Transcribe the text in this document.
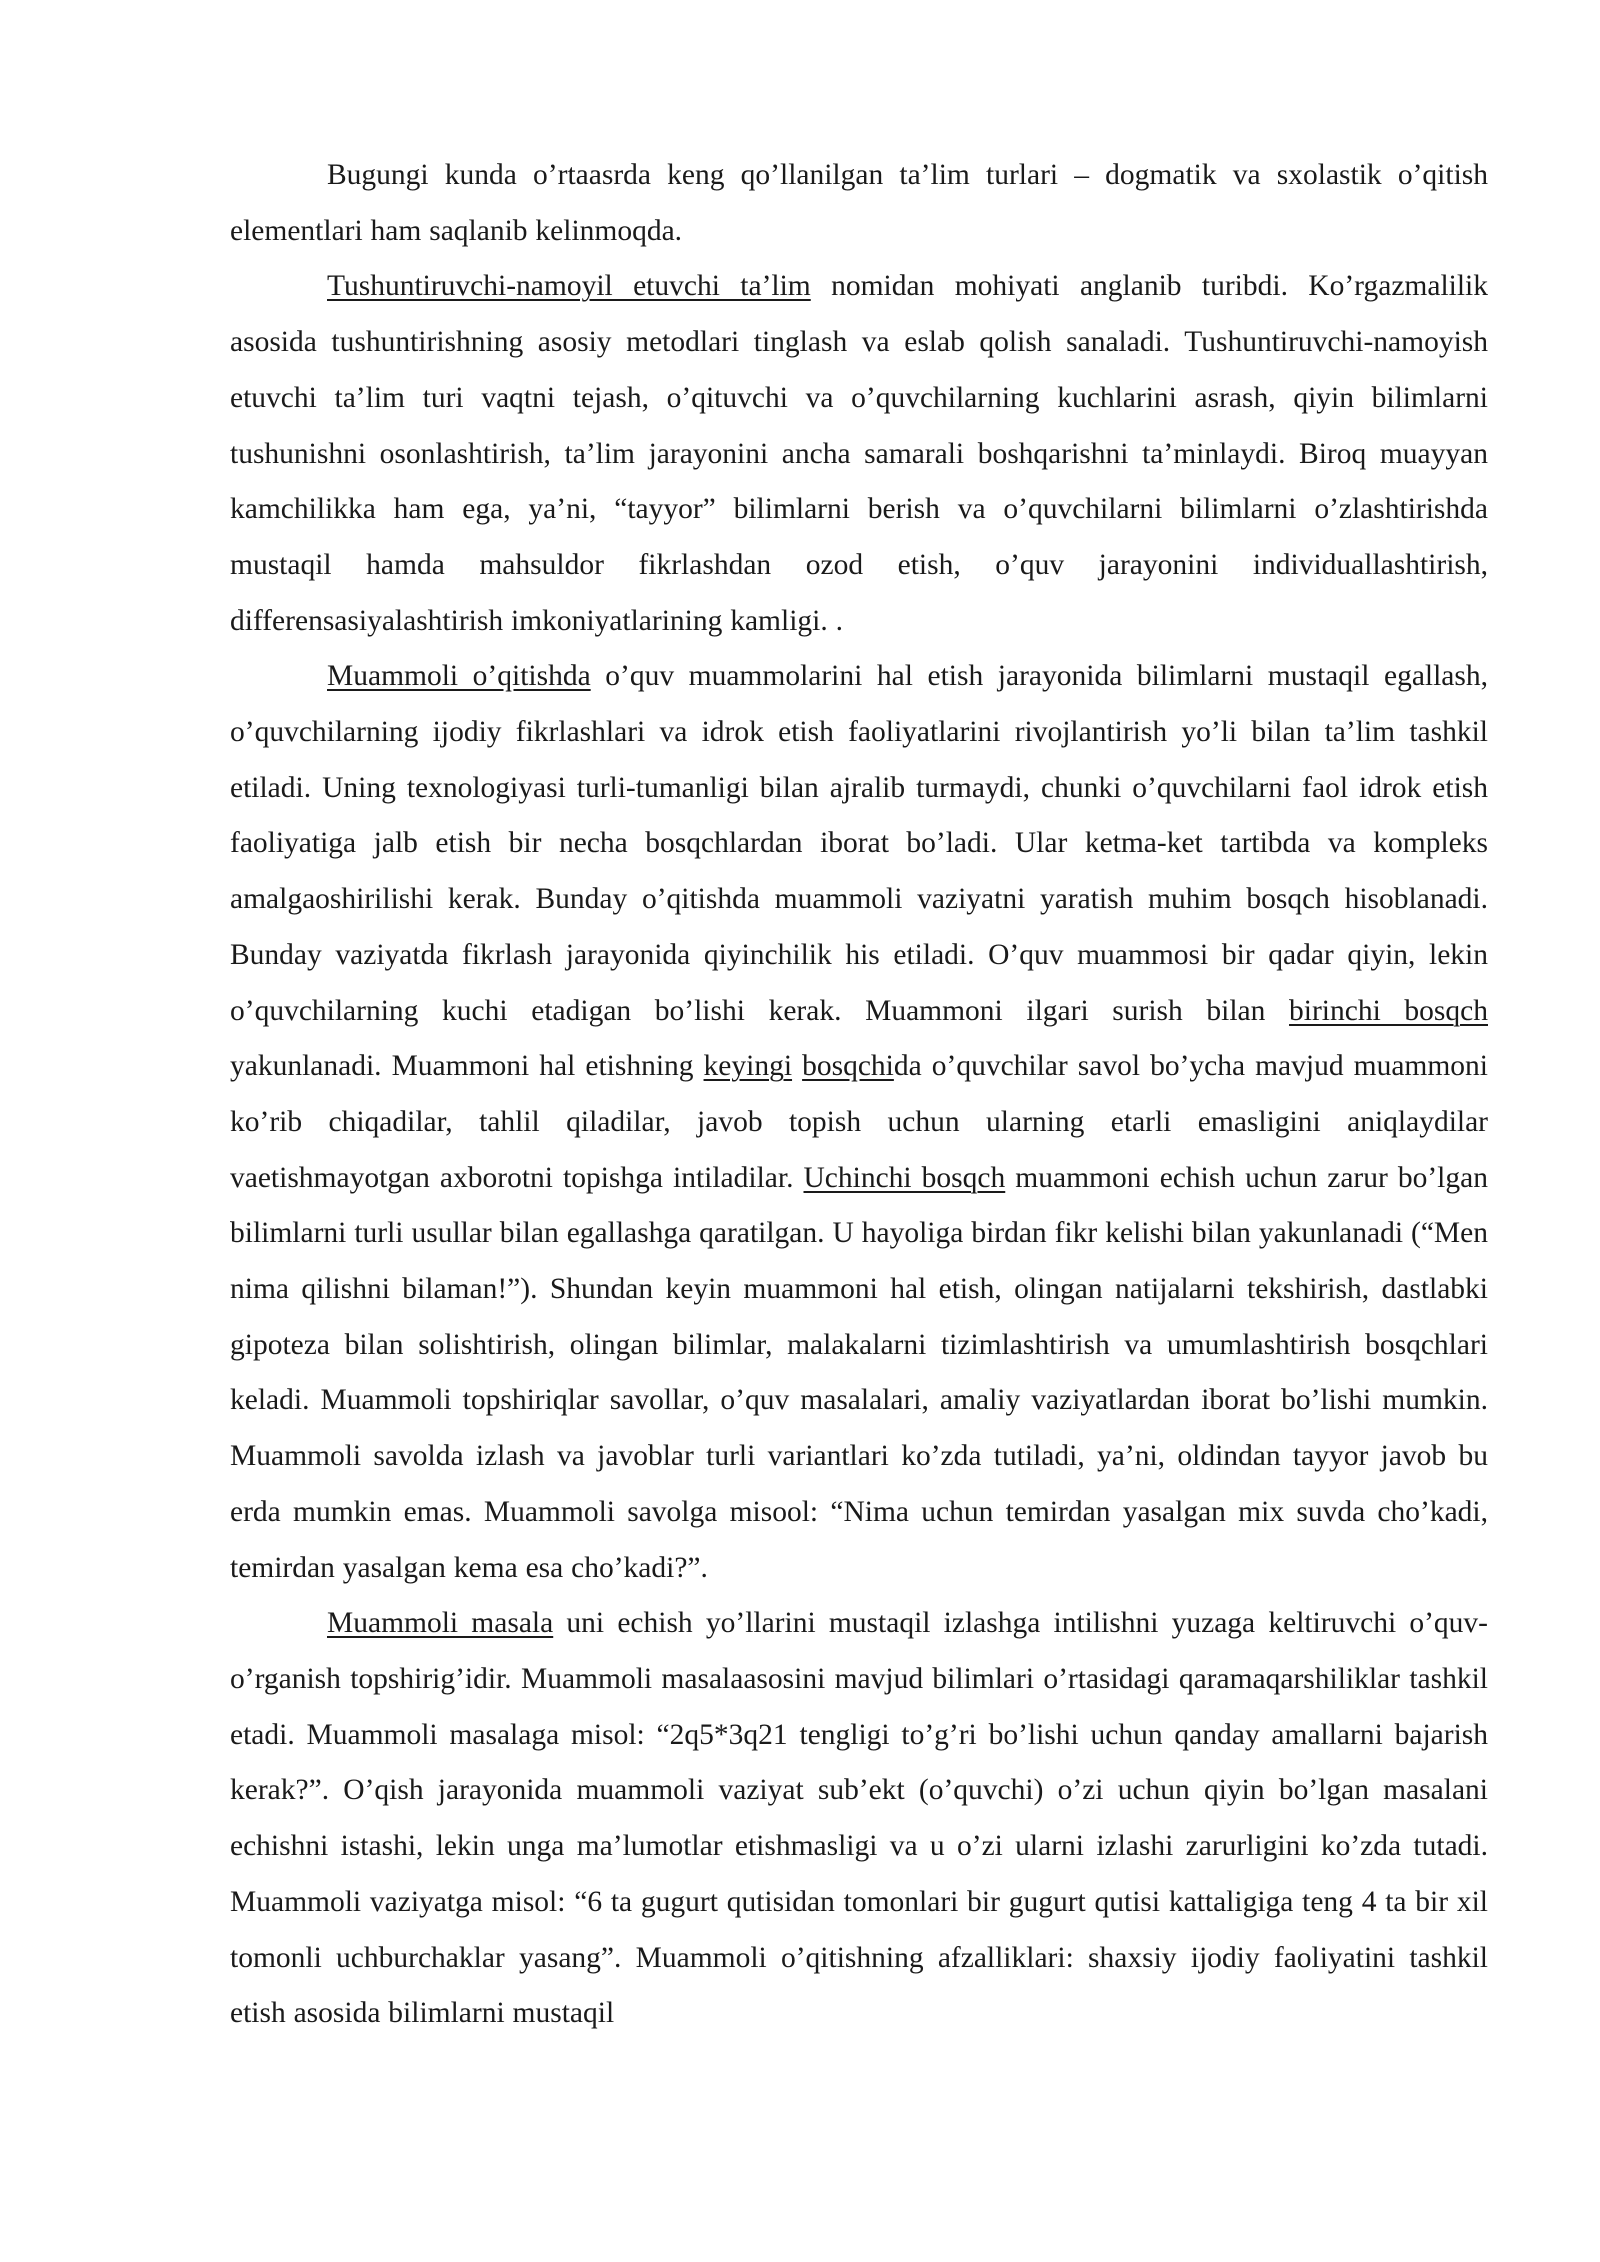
Bugungi kunda o’rtaasrda keng qo’llanilgan ta’lim turlari – dogmatik va sxolastik o’qitish elementlari ham saqlanib kelinmoqda.

Tushuntiruvchi-namoyil etuvchi ta’lim nomidan mohiyati anglanib turibdi. Ko’rgazmalilik asosida tushuntirishning asosiy metodlari tinglash va eslab qolish sanaladi. Tushuntiruvchi-namoyish etuvchi ta’lim turi vaqtni tejash, o’qituvchi va o’quvchilarning kuchlarini asrash, qiyin bilimlarni tushunishni osonlashtirish, ta’lim jarayonini ancha samarali boshqarishni ta’minlaydi. Biroq muayyan kamchilikka ham ega, ya’ni, “tayyor” bilimlarni berish va o’quvchilarni bilimlarni o’zlashtirishda mustaqil hamda mahsuldor fikrlashdan ozod etish, o’quv jarayonini individuallashtirish, differensasiyalashtirish imkoniyatlarining kamligi. .

Muammoli o’qitishda o’quv muammolarini hal etish jarayonida bilimlarni mustaqil egallash, o’quvchilarning ijodiy fikrlashlari va idrok etish faoliyatlarini rivojlantirish yo’li bilan ta’lim tashkil etiladi. Uning texnologiyasi turli-tumanligi bilan ajralib turmaydi, chunki o’quvchilarni faol idrok etish faoliyatiga jalb etish bir necha bosqchlardan iborat bo’ladi. Ular ketma-ket tartibda va kompleks amalgaoshirilishi kerak. Bunday o’qitishda muammoli vaziyatni yaratish muhim bosqch hisoblanadi. Bunday vaziyatda fikrlash jarayonida qiyinchilik his etiladi. O’quv muammosi bir qadar qiyin, lekin o’quvchilarning kuchi etadigan bo’lishi kerak. Muammoni ilgari surish bilan birinchi bosqch yakunlanadi. Muammoni hal etishning keyingi bosqchida o’quvchilar savol bo’ycha mavjud muammoni ko’rib chiqadilar, tahlil qiladilar, javob topish uchun ularning etarli emasligini aniqlaydilar vaetishmayotgan axborotni topishga intiladilar. Uchinchi bosqch muammoni echish uchun zarur bo’lgan bilimlarni turli usullar bilan egallashga qaratilgan. U hayoliga birdan fikr kelishi bilan yakunlanadi (“Men nima qilishni bilaman!”). Shundan keyin muammoni hal etish, olingan natijalarni tekshirish, dastlabki gipoteza bilan solishtirish, olingan bilimlar, malakalarni tizimlashtirish va umumlashtirish bosqchlari keladi. Muammoli topshiriqlar savollar, o’quv masalalari, amaliy vaziyatlardan iborat bo’lishi mumkin. Muammoli savolda izlash va javoblar turli variantlari ko’zda tutiladi, ya’ni, oldindan tayyor javob bu erda mumkin emas. Muammoli savolga misool: “Nima uchun temirdan yasalgan mix suvda cho’kadi, temirdan yasalgan kema esa cho’kadi?”.

Muammoli masala uni echish yo’llarini mustaqil izlashga intilishni yuzaga keltiruvchi o’quv-o’rganish topshirig’idir. Muammoli masalaasosini mavjud bilimlari o’rtasidagi qaramaqarshiliklar tashkil etadi. Muammoli masalaga misol: “2q5*3q21 tengligi to’g’ri bo’lishi uchun qanday amallarni bajarish kerak?”. O’qish jarayonida muammoli vaziyat sub’ekt (o’quvchi) o’zi uchun qiyin bo’lgan masalani echishni istashi, lekin unga ma’lumotlar etishmasligi va u o’zi ularni izlashi zarurligini ko’zda tutadi. Muammoli vaziyatga misol: “6 ta gugurt qutisidan tomonlari bir gugurt qutisi kattaligiga teng 4 ta bir xil tomonli uchburchaklar yasang”. Muammoli o’qitishning afzalliklari: shaxsiy ijodiy faoliyatini tashkil etish asosida bilimlarni mustaqil
